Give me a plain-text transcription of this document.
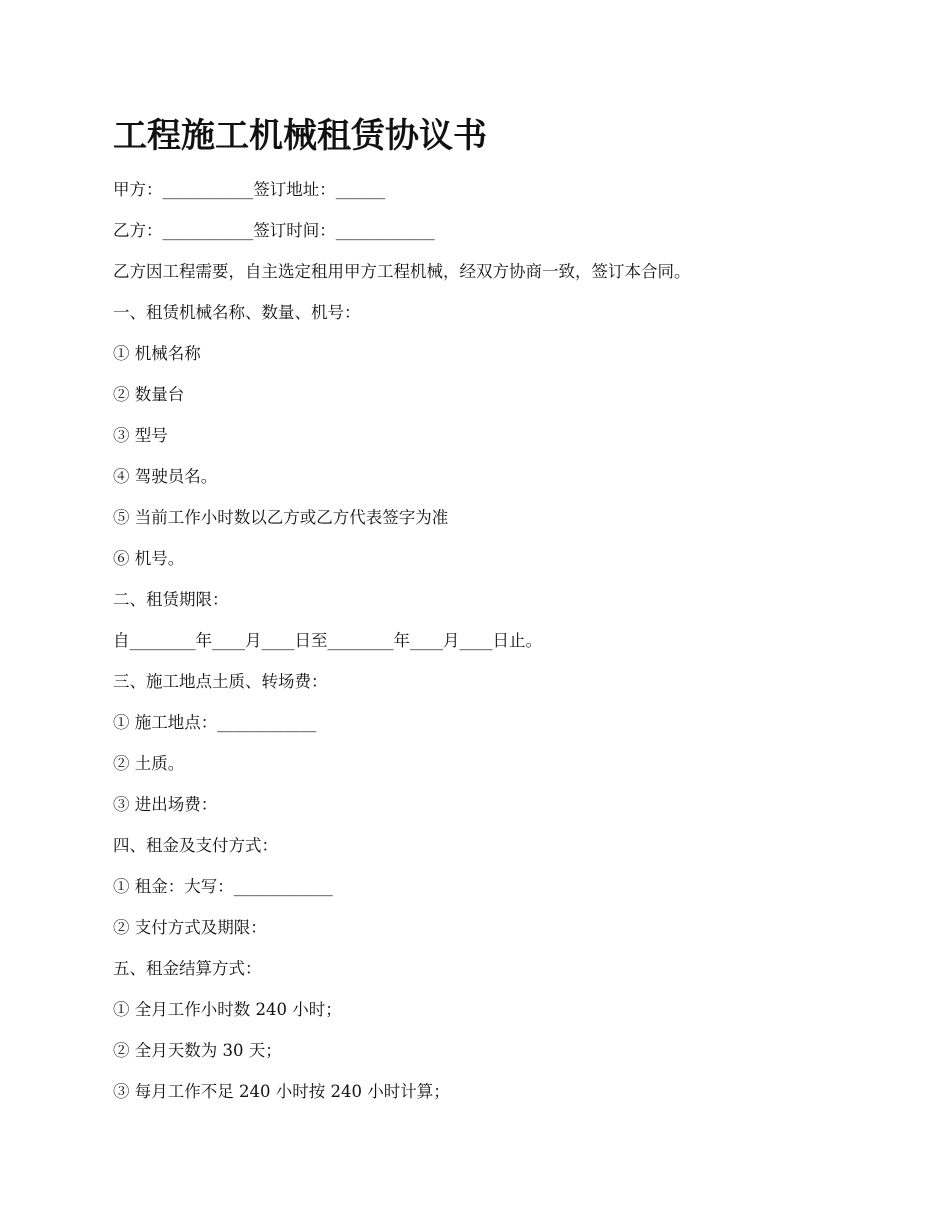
工程施工机械租赁协议书
甲方：___________签订地址：______
乙方：___________签订时间：____________
乙方因工程需要，自主选定租用甲方工程机械，经双方协商一致，签订本合同。
一、租赁机械名称、数量、机号：
① 机械名称
② 数量台
③ 型号
④ 驾驶员名。
⑤ 当前工作小时数以乙方或乙方代表签字为准
⑥ 机号。
二、租赁期限：
自________年____月____日至________年____月____日止。
三、施工地点土质、转场费：
① 施工地点：____________
② 土质。
③ 进出场费：
四、租金及支付方式：
① 租金：大写：____________
② 支付方式及期限：
五、租金结算方式：
① 全月工作小时数 240 小时；
② 全月天数为 30 天；
③ 每月工作不足 240 小时按 240 小时计算；
